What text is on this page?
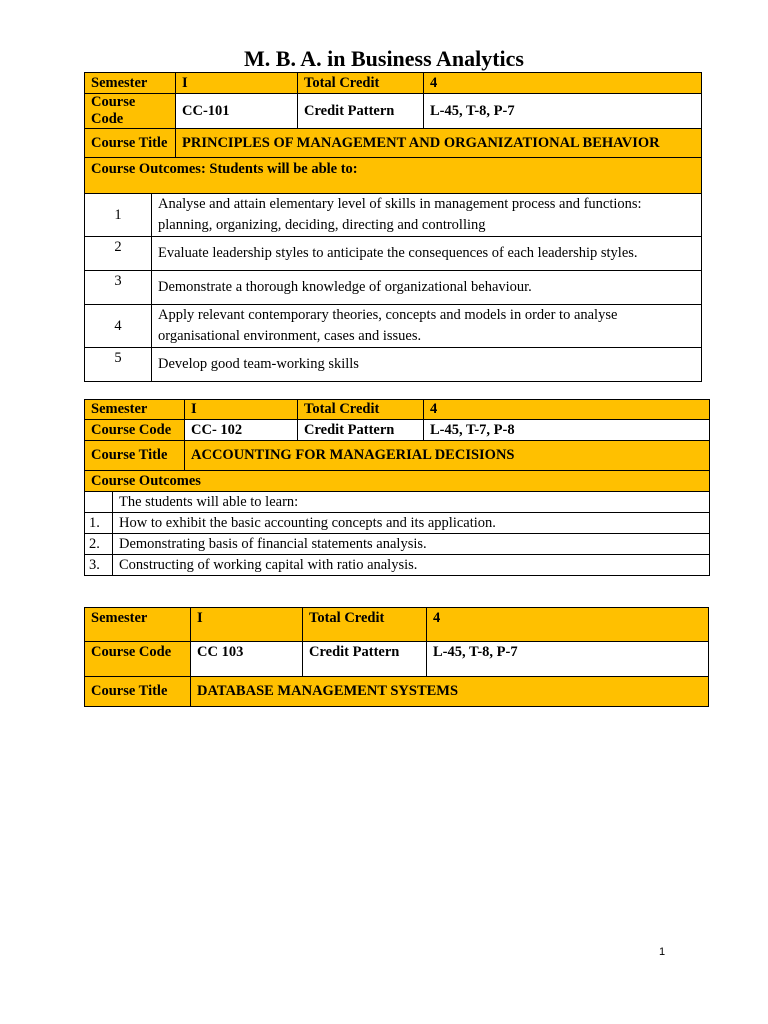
M. B. A. in Business Analytics
Semester		I	Total Credit	4
Course Code		CC-101	Credit Pattern	L-45, T-8, P-7
Course Title		PRINCIPLES OF MANAGEMENT AND ORGANIZATIONAL BEHAVIOR		
Course Outcomes: Students will be able to:				
1	Analyse and attain elementary level of skills in management process and functions: planning, organizing, deciding, directing and controlling			
2	Evaluate leadership styles to anticipate the consequences of each leadership styles.			
3	Demonstrate a thorough knowledge of organizational behaviour.			
4	Apply relevant contemporary theories, concepts and models in order to analyse organisational environment, cases and issues.			
5	Develop good team-working skills			
Semester		I	Total Credit	4
Course Code		CC- 102	Credit Pattern	L-45, T-7, P-8
Course Title		ACCOUNTING FOR MANAGERIAL DECISIONS		
Course Outcomes				
	The students will able to learn:			
1.	How to exhibit the basic accounting concepts and its application.			
2.	Demonstrating basis of financial statements analysis.			
3.	Constructing of working capital with ratio analysis.			
Semester	I	Total Credit	4
Course Code	CC 103	Credit Pattern	L-45, T-8, P-7
Course Title	DATABASE MANAGEMENT SYSTEMS		
1
